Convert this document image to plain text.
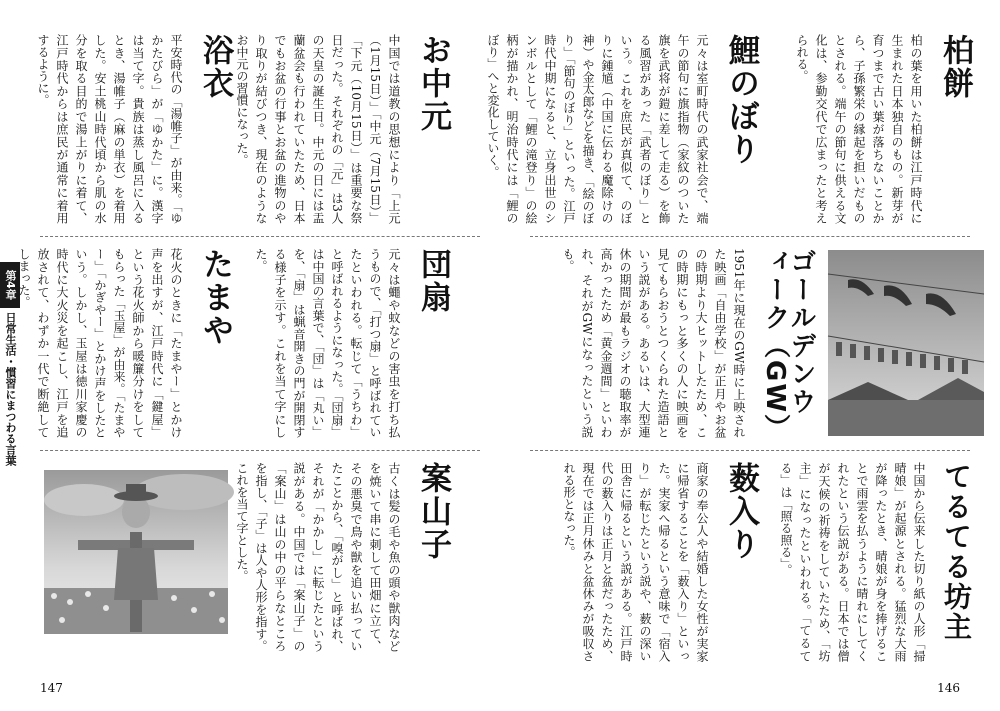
第4章
日常生活・慣習にまつわる言葉
お中元
中国では道教の思想により「上元（1月15日）」「中元（7月15日）」「下元（10月15日）」は重要な祭日だった。それぞれの「元」は3人の天皇の誕生日。中元の日には盂蘭盆会も行われていたため、日本でもお盆の行事とお盆の進物のやり取りが結びつき、現在のようなお中元の習慣になった。
浴衣
平安時代の「湯帷子」が由来。「ゆかたびら」が「ゆかた」に。漢字は当て字。貴族は蒸し風呂に入るとき、湯帷子（麻の単衣）を着用した。安土桃山時代頃から肌の水分を取る目的で湯上がりに着て、江戸時代からは庶民が通常に着用するように。
団扇
元々は蠅や蚊などの害虫を打ち払うもので、「打つ扇」と呼ばれていたといわれる。転じて「うちわ」と呼ばれるようになった。「団扇」は中国の言葉で、「団」は「丸い」を、「扇」は蝋音開きの門が開閉する様子を示す。これを当て字にした。
たまや
花火のときに「たまやー」とかけ声を出すが、江戸時代に「鍵屋」という花火師から暖簾分けをしてもらった「玉屋」が由来。「たまやー」「かぎやー」とかけ声をしたという。しかし、玉屋は徳川家慶の時代に大火災を起こし、江戸を追放されて、わずか一代で断絶してしまった。
案山子
古くは髪の毛や魚の頭や獣肉などを焼いて串に刺して田畑に立て、その悪臭で鳥や獣を追い払っていたことから、「嗅がし」と呼ばれ、それが「かかし」に転じたという説がある。中国では「案山子」の「案山」は山の中の平らなところを指し、「子」は人や人形を指す。これを当て字とした。
147
柏餅
柏の葉を用いた柏餅は江戸時代に生まれた日本独自のもの。新芽が育つまで古い葉が落ちないことから、子孫繁栄の縁起を担いだものとされる。端午の節句に供える文化は、参勤交代で広まったと考えられる。
鯉のぼり
元々は室町時代の武家社会で、端午の節句に旗指物（家紋のついた旗を武将が鎧に差して走る）を飾る風習があった「武者のぼり」という。これを庶民が真似て、のぼりに鍾馗（中国に伝わる魔除けの神）や金太郎などを描き、「絵のぼり」「節句のぼり」といった。江戸時代中期になると、立身出世のシンボルとして「鯉の滝登り」の絵柄が描かれ、明治時代には「鯉のぼり」へと変化していく。
ゴールデンウィーク（GW）
1951年に現在のGW時に上映された映画「自由学校」が正月やお盆の時期より大ヒットしたため、この時期にもっと多くの人に映画を見てもらおうとつくられた造語という説がある。あるいは、大型連休の期間が最もラジオの聴取率が高かったため「黄金週間」といわれ、それがGWになったという説も。
てるてる坊主
中国から伝来した切り紙の人形「掃晴娘」が起源とされる。猛烈な大雨が降ったとき、晴娘が身を捧げることで雨雲を払うように晴れにしてくれたという伝説がある。日本では僧が天候の祈祷をしていたため、「坊主」になったといわれる。「てるてる」は「照る照る」。
薮入り
商家の奉公人や結婚した女性が実家に帰省することを「薮入り」といった。実家へ帰るという意味で「宿入り」が転じたという説や、薮の深い田舎に帰るという説がある。江戸時代の薮入りは正月と盆だったため、現在では正月休みと盆休みが吸収される形となった。
146
